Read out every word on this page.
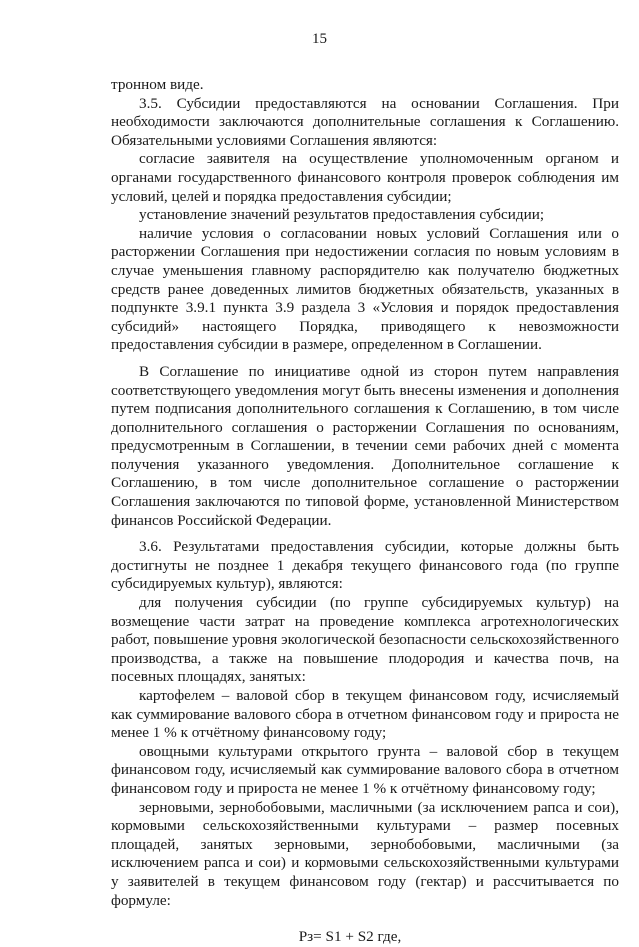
15

тронном виде.

3.5. Субсидии предоставляются на основании Соглашения. При необходимости заключаются дополнительные соглашения к Соглашению. Обязательными условиями Соглашения являются:

согласие заявителя на осуществление уполномоченным органом и органами государственного финансового контроля проверок соблюдения им условий, целей и порядка предоставления субсидии;

установление значений результатов предоставления субсидии;

наличие условия о согласовании новых условий Соглашения или о расторжении Соглашения при недостижении согласия по новым условиям в случае уменьшения главному распорядителю как получателю бюджетных средств ранее доведенных лимитов бюджетных обязательств, указанных в подпункте 3.9.1 пункта 3.9 раздела 3 «Условия и порядок предоставления субсидий» настоящего Порядка, приводящего к невозможности предоставления субсидии в размере, определенном в Соглашении.

В Соглашение по инициативе одной из сторон путем направления соответствующего уведомления могут быть внесены изменения и дополнения путем подписания дополнительного соглашения к Соглашению, в том числе дополнительного соглашения о расторжении Соглашения по основаниям, предусмотренным в Соглашении, в течении семи рабочих дней с момента получения указанного уведомления. Дополнительное соглашение к Соглашению, в том числе дополнительное соглашение о расторжении Соглашения заключаются по типовой форме, установленной Министерством финансов Российской Федерации.

3.6. Результатами предоставления субсидии, которые должны быть достигнуты не позднее 1 декабря текущего финансового года (по группе субсидируемых культур), являются:

для получения субсидии (по группе субсидируемых культур) на возмещение части затрат на проведение комплекса агротехнологических работ, повышение уровня экологической безопасности сельскохозяйственного производства, а также на повышение плодородия и качества почв, на посевных площадях, занятых:

картофелем – валовой сбор в текущем финансовом году, исчисляемый как суммирование валового сбора в отчетном финансовом году и прироста не менее 1 % к отчётному финансовому году;

овощными культурами открытого грунта – валовой сбор в текущем финансовом году, исчисляемый как суммирование валового сбора в отчетном финансовом году и прироста не менее 1 % к отчётному финансовому году;

зерновыми, зернобобовыми, масличными (за исключением рапса и сои), кормовыми сельскохозяйственными культурами – размер посевных площадей, занятых зерновыми, зернобобовыми, масличными (за исключением рапса и сои) и кормовыми сельскохозяйственными культурами у заявителей в текущем финансовом году (гектар) и рассчитывается по формуле:

Рз= S1 + S2 где,
